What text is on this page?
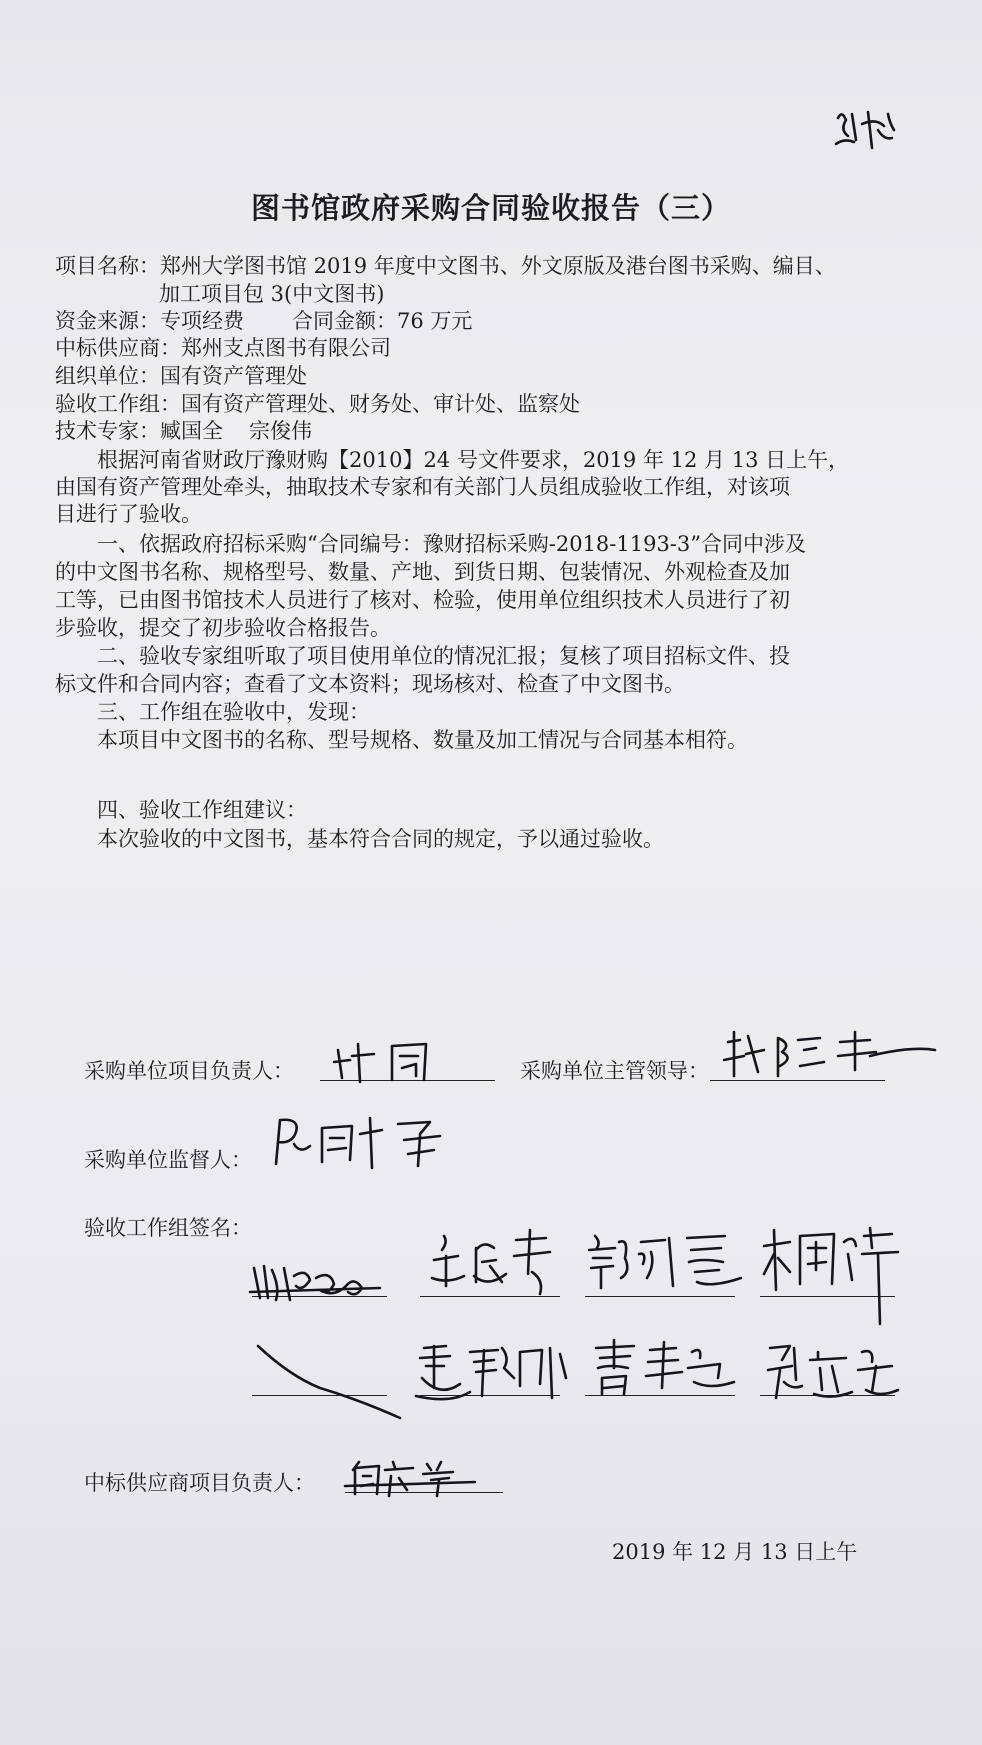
图书馆政府采购合同验收报告（三）
项目名称：郑州大学图书馆 2019 年度中文图书、外文原版及港台图书采购、编目、
加工项目包 3(中文图书)
资金来源：专项经费 合同金额：76 万元
中标供应商：郑州支点图书有限公司
组织单位：国有资产管理处
验收工作组：国有资产管理处、财务处、审计处、监察处
技术专家：臧国全 宗俊伟
根据河南省财政厅豫财购【2010】24 号文件要求，2019 年 12 月 13 日上午，
由国有资产管理处牵头，抽取技术专家和有关部门人员组成验收工作组，对该项
目进行了验收。
一、依据政府招标采购“合同编号：豫财招标采购-2018-1193-3”合同中涉及
的中文图书名称、规格型号、数量、产地、到货日期、包装情况、外观检查及加
工等，已由图书馆技术人员进行了核对、检验，使用单位组织技术人员进行了初
步验收，提交了初步验收合格报告。
二、验收专家组听取了项目使用单位的情况汇报；复核了项目招标文件、投
标文件和合同内容；查看了文本资料；现场核对、检查了中文图书。
三、工作组在验收中，发现：
本项目中文图书的名称、型号规格、数量及加工情况与合同基本相符。
四、验收工作组建议：
本次验收的中文图书，基本符合合同的规定，予以通过验收。
采购单位项目负责人：	采购单位主管领导：
采购单位监督人：
验收工作组签名：
中标供应商项目负责人：
2019 年 12 月 13 日上午
